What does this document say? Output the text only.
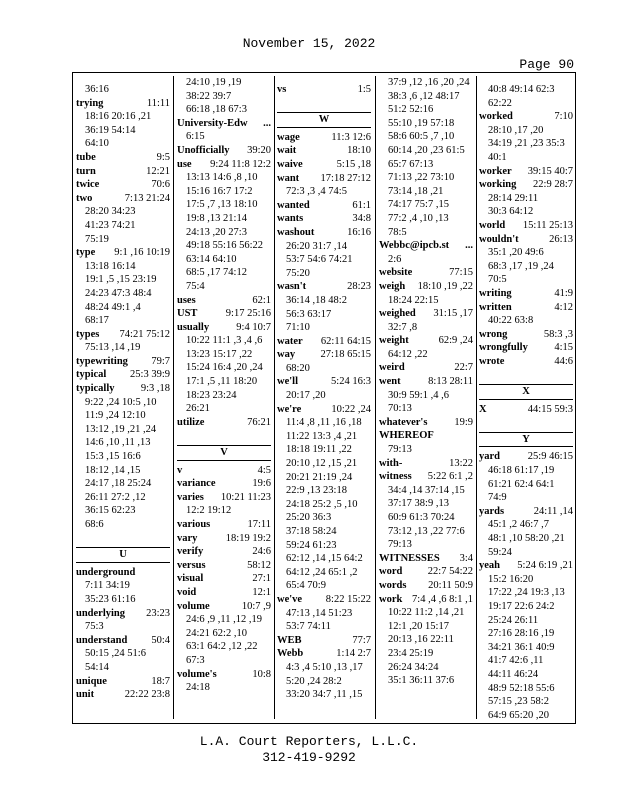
November 15, 2022
Page 90
36:16
trying	11:11
18:16 20:16 ,21
36:19 54:14
64:10
tube	9:5
turn	12:21
twice	70:6
two	7:13 21:24
28:20 34:23
41:23 74:21
75:19
type 9:1 ,16 10:19
13:18 16:14
19:1 ,5 ,15 23:19
24:23 47:3 48:4
48:24 49:1 ,4
68:17
types 74:21 75:12
75:13 ,14 ,19
typewriting 79:7
typical 25:3 39:9
typically	9:3 ,18
9:22 ,24 10:5 ,10
11:9 ,24 12:10
13:12 ,19 ,21 ,24
14:6 ,10 ,11 ,13
15:3 ,15 16:6
18:12 ,14 ,15
24:17 ,18 25:24
26:11 27:2 ,12
36:15 62:23
68:6

U
underground
7:11 34:19
35:23 61:16
underlying 23:23
75:3
understand 50:4
50:15 ,24 51:6
54:14
unique	18:7
unit	22:22 23:8
24:10 ,19 ,19
38:22 39:7
66:18 ,18 67:3
University-Edw ...
6:15
Unofficially 39:20
use 9:24 11:8 12:2
13:13 14:6 ,8 ,10
15:16 16:7 17:2
17:5 ,7 ,13 18:10
19:8 ,13 21:14
24:13 ,20 27:3
49:18 55:16 56:22
63:14 64:10
68:5 ,17 74:12
75:4
uses	62:1
UST	9:17 25:16
usually	9:4 10:7
10:22 11:1 ,3 ,4 ,6
13:23 15:17 ,22
15:24 16:4 ,20 ,24
17:1 ,5 ,11 18:20
18:23 23:24
26:21
utilize	76:21

V
v	4:5
variance	19:6
varies 10:21 11:23
12:2 19:12
various	17:11
vary	18:19 19:2
verify	24:6
versus	58:12
visual	27:1
void	12:1
volume	10:7 ,9
24:6 ,9 ,11 ,12 ,19
24:21 62:2 ,10
63:1 64:2 ,12 ,22
67:3
volume's	10:8
24:18
vs	1:5

W
wage	11:3 12:6
wait	18:10
waive	5:15 ,18
want 17:18 27:12
72:3 ,3 ,4 74:5
wanted	61:1
wants	34:8
washout	16:16
26:20 31:7 ,14
53:7 54:6 74:21
75:20
wasn't	28:23
36:14 ,18 48:2
56:3 63:17
71:10
water 62:11 64:15
way 27:18 65:15
68:20
we'll	5:24 16:3
20:17 ,20
we're	10:22 ,24
11:4 ,8 ,11 ,16 ,18
11:22 13:3 ,4 ,21
18:18 19:11 ,22
20:10 ,12 ,15 ,21
20:21 21:19 ,24
22:9 ,13 23:18
24:18 25:2 ,5 ,10
25:20 36:3
37:18 58:24
59:24 61:23
62:12 ,14 ,15 64:2
64:12 ,24 65:1 ,2
65:4 70:9
we've 8:22 15:22
47:13 ,14 51:23
53:7 74:11
WEB	77:7
Webb	1:14 2:7
4:3 ,4 5:10 ,13 ,17
5:20 ,24 28:2
33:20 34:7 ,11 ,15
37:9 ,12 ,16 ,20 ,24
38:3 ,6 ,12 48:17
51:2 52:16
55:10 ,19 57:18
58:6 60:5 ,7 ,10
60:14 ,20 ,23 61:5
65:7 67:13
71:13 ,22 73:10
73:14 ,18 ,21
74:17 75:7 ,15
77:2 ,4 ,10 ,13
78:5
Webbc@ipcb.st ...
2:6
website	77:15
weigh 18:10 ,19 ,22
18:24 22:15
weighed 31:15 ,17
32:7 ,8
weight	62:9 ,24
64:12 ,22
weird	22:7
went	8:13 28:11
30:9 59:1 ,4 ,6
70:13
whatever's	19:9
WHEREOF
79:13
with-	13:22
witness 5:22 6:1 ,2
34:4 ,14 37:14 ,15
37:17 38:9 ,13
60:9 61:3 70:24
73:12 ,13 ,22 77:6
79:13
WITNESSES 3:4
word 22:7 54:22
words 20:11 50:9
work 7:4 ,4 ,6 8:1 ,1
10:22 11:2 ,14 ,21
12:1 ,20 15:17
20:13 ,16 22:11
23:4 25:19
26:24 34:24
35:1 36:11 37:6
40:8 49:14 62:3
62:22
worked	7:10
28:10 ,17 ,20
34:19 ,21 ,23 35:3
40:1
worker 39:15 40:7
working 22:9 28:7
28:14 29:11
30:3 64:12
world 15:11 25:13
wouldn't	26:13
35:1 ,20 49:6
68:3 ,17 ,19 ,24
70:5
writing	41:9
written	4:12
40:22 63:8
wrong	58:3 ,3
wrongfully	4:15
wrote	44:6

X
X	44:15 59:3

Y
yard	25:9 46:15
46:18 61:17 ,19
61:21 62:4 64:1
74:9
yards	24:11 ,14
45:1 ,2 46:7 ,7
48:1 ,10 58:20 ,21
59:24
yeah 5:24 6:19 ,21
15:2 16:20
17:22 ,24 19:3 ,13
19:17 22:6 24:2
25:24 26:11
27:16 28:16 ,19
34:21 36:1 40:9
41:7 42:6 ,11
44:11 46:24
48:9 52:18 55:6
57:15 ,23 58:2
64:9 65:20 ,20
L.A. Court Reporters, L.L.C.
312-419-9292
